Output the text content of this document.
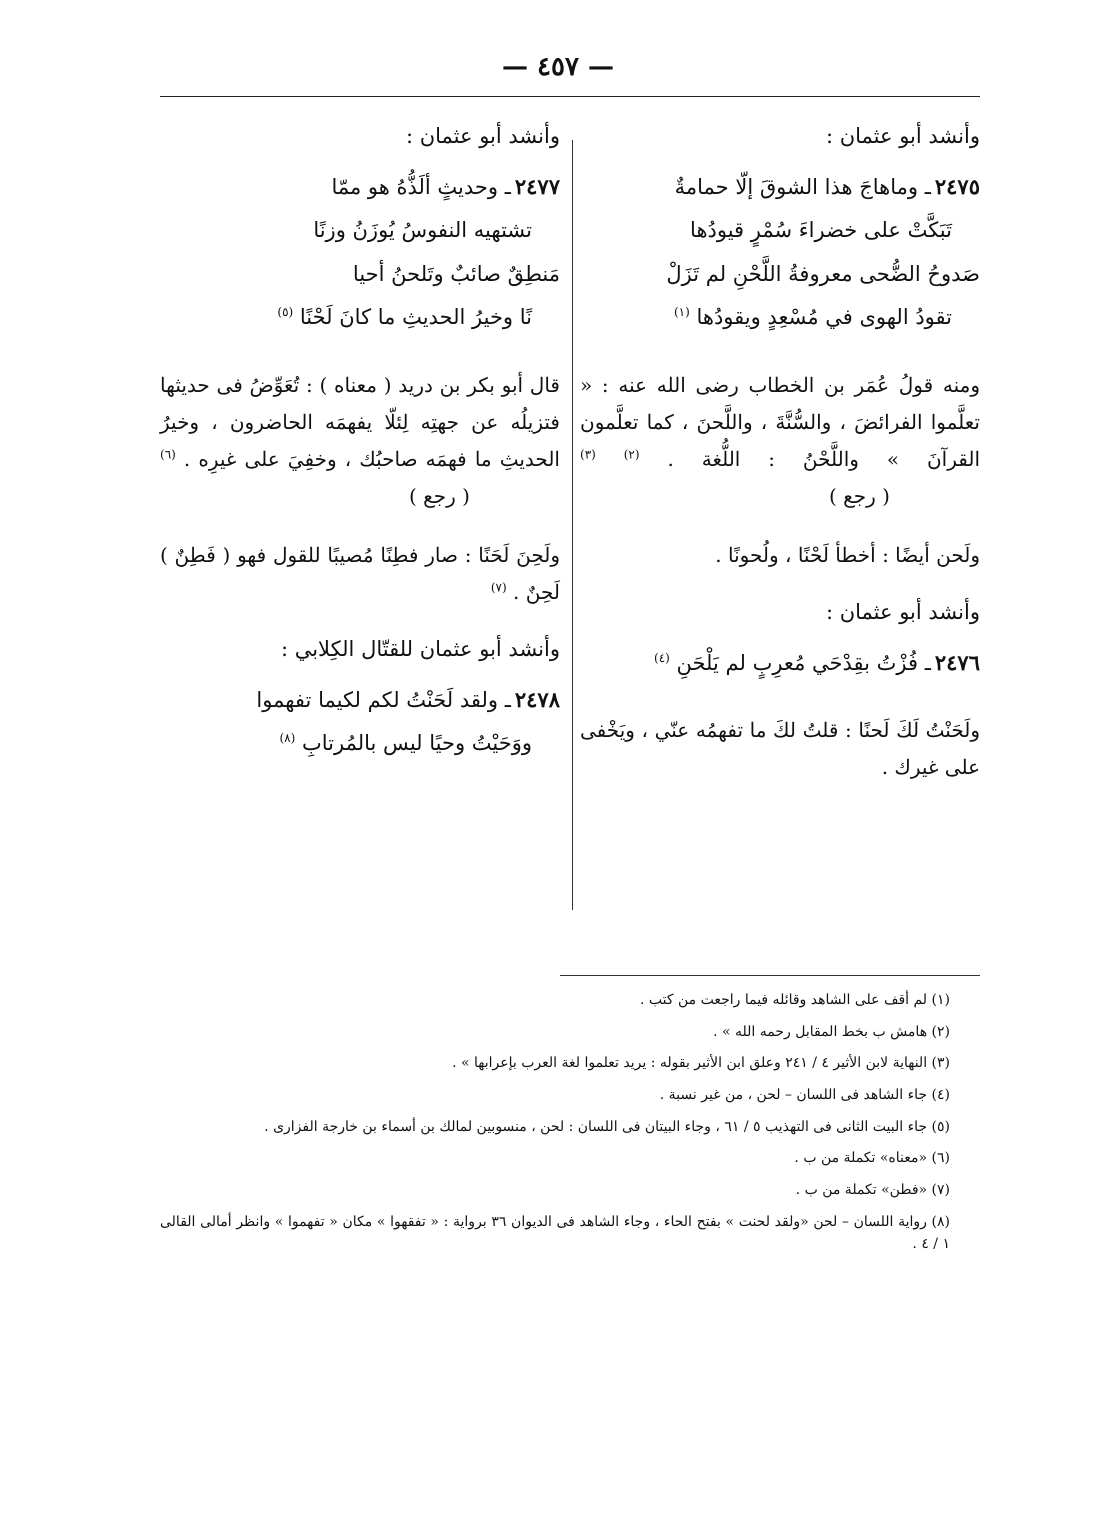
— ٤٥٧ —

وأنشد أبو عثمان :

٢٤٧٥ـ وماهاجَ هذا الشوقَ إلّا حمامةٌ

تَبَكَّتْ على خضراءَ سُمْرٍ قيودُها

صَدوحُ الضُّحى معروفةُ اللَّحْنِ لم تَزَلْ

تقودُ الهوى في مُسْعِدٍ ويقودُها $^{(١)}$

ومنه قولُ عُمَر بن الخطاب رضى الله عنه : « تعلَّموا الفرائضَ ، والسُّنَّةَ ، واللَّحنَ ، كما تعلَّمون القرآنَ » واللَّحْنُ : اللُّغة . $^{(٢)}$ $^{(٣)}$ ( رجع )

ولَحن أيضًا : أخطأ لَحْنًا ، ولُحونًا .

وأنشد أبو عثمان :

٢٤٧٦ـ فُزْتُ بقِدْحَي مُعرِبٍ لم يَلْحَنِ $^{(٤)}$

ولَحَنْتُ لَكَ لَحنًا : قلتُ لكَ ما تفهمُه عنّي ، ويَخْفى على غيرك .

وأنشد أبو عثمان :

٢٤٧٧ـ وحديثٍ ألَذُّهُ هو ممّا

تشتهيه النفوسُ يُوزَنُ وزنًا

مَنطِقٌ صائبٌ وتَلحنُ أحيا

نًا وخيرُ الحديثِ ما كانَ لَحْنًا $^{(٥)}$

قال أبو بكر بن دريد ( معناه ) : تُعَوِّضُ فى حديثها فتزيلُه عن جهتِه لِئلّا يفهمَه الحاضرون ، وخيرُ الحديثِ ما فهمَه صاحبُك ، وخفِيَ على غيرِه . $^{(٦)}$ ( رجع )

ولَحِنَ لَحَنًا : صار فطِنًا مُصيبًا للقول فهو ( فَطِنٌ ) لَحِنٌ . $^{(٧)}$

وأنشد أبو عثمان للقتّال الكِلابي :

٢٤٧٨ـ ولقد لَحَنْتُ لكم لكيما تفهموا

ووَحَيْتُ وحيًا ليس بالمُرتابِ $^{(٨)}$

(١) لم أقف على الشاهد وقائله فيما راجعت من كتب .

(٢) هامش ب بخط المقابل رحمه الله » .

(٣) النهاية لابن الأثير ٤ / ٢٤١ وعلق ابن الأثير بقوله : يريد تعلموا لغة العرب بإعرابها » .

(٤) جاء الشاهد فى اللسان – لحن ، من غير نسبة .

(٥) جاء البيت الثانى فى التهذيب ٥ / ٦١ ، وجاء البيتان فى اللسان : لحن ، منسوبين لمالك بن أسماء بن خارجة الفزارى .

(٦) «معناه» تكملة من ب .

(٧) «فطن» تكملة من ب .

(٨) رواية اللسان – لحن «ولقد لحنت » بفتح الحاء ، وجاء الشاهد فى الديوان ٣٦ برواية : « تفقهوا » مكان « تفهموا » وانظر أمالى القالى ١ / ٤ .
